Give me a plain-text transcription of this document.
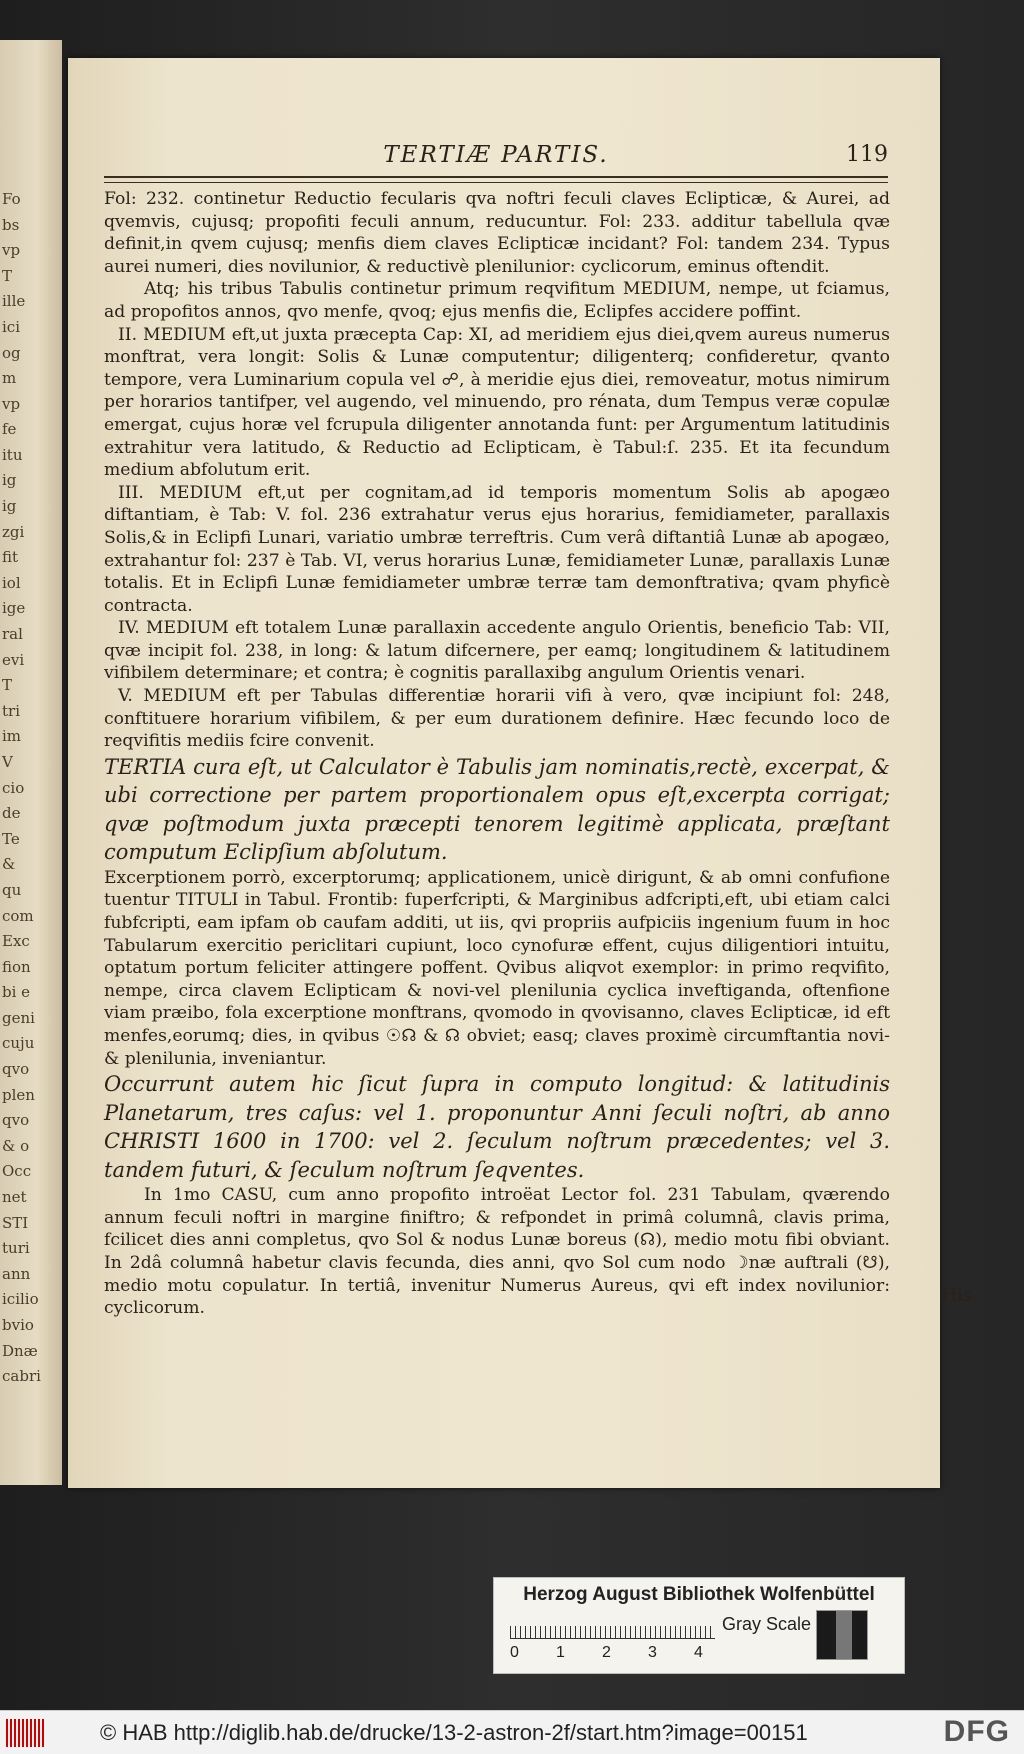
Fo
bs
vp
T
ille
ici
og
m
vp
fe
itu
ig
ig
zgi
fit
iol
ige
ral
evi
T
tri
im
V
cio
de
Te
&
qu
com
Exc
fion
bi e
geni
cuju
qvo
plen
qvo
& o
Occ
net
STI
turi
ann
icilio
bvio
Dnæ
cabri
TERTIÆ PARTIS.	119

Fol: 232. continetur Reductio fecularis qva noftri feculi claves Eclipticæ, & Aurei, ad qvemvis, cujusq; propofiti feculi annum, reducuntur. Fol: 233. additur tabellula qvæ definit,in qvem cujusq; menfis diem claves Eclipticæ incidant? Fol: tandem 234. Typus aurei numeri, dies novilunior, & reductivè plenilunior: cyclicorum, eminus oftendit.

Atq; his tribus Tabulis continetur primum reqvifitum MEDIUM, nempe, ut fciamus, ad propofitos annos, qvo menfe, qvoq; ejus menfis die, Eclipfes accidere poffint.

II. MEDIUM eft,ut juxta præcepta Cap: XI, ad meridiem ejus diei,qvem aureus numerus monftrat, vera longit: Solis & Lunæ computentur; diligenterq; confideretur, qvanto tempore, vera Luminarium copula vel ☍, à meridie ejus diei, removeatur, motus nimirum per horarios tantifper, vel augendo, vel minuendo, pro rénata, dum Tempus veræ copulæ emergat, cujus horæ vel fcrupula diligenter annotanda funt: per Argumentum latitudinis extrahitur vera latitudo, & Reductio ad Eclipticam, è Tabul:ſ. 235. Et ita fecundum medium abfolutum erit.

III. MEDIUM eft,ut per cognitam,ad id temporis momentum Solis ab apogæo diftantiam, è Tab: V. fol. 236 extrahatur verus ejus horarius, femidiameter, parallaxis Solis,& in Eclipfi Lunari, variatio umbræ terreftris. Cum verâ diftantiâ Lunæ ab apogæo, extrahantur fol: 237 è Tab. VI, verus horarius Lunæ, femidiameter Lunæ, parallaxis Lunæ totalis. Et in Eclipfi Lunæ femidiameter umbræ terræ tam demonftrativa; qvam phyficè contracta.

IV. MEDIUM eft totalem Lunæ parallaxin accedente angulo Orientis, beneficio Tab: VII, qvæ incipit fol. 238, in long: & latum difcernere, per eamq; longitudinem & latitudinem vifibilem determinare; et contra; è cognitis parallaxibg angulum Orientis venari.

V. MEDIUM eft per Tabulas differentiæ horarii vifi à vero, qvæ incipiunt fol: 248, conftituere horarium vifibilem, & per eum durationem definire. Hæc fecundo loco de reqvifitis mediis fcire convenit.

TERTIA cura eſt, ut Calculator è Tabulis jam nominatis,rectè, excerpat, & ubi correctione per partem proportionalem opus eſt,excerpta corrigat; qvæ poſtmodum juxta præcepti tenorem legitimè applicata, præſtant computum Eclipſium abſolutum.

Excerptionem porrò, excerptorumq; applicationem, unicè dirigunt, & ab omni confufione tuentur TITULI in Tabul. Frontib: fuperfcripti, & Marginibus adfcripti,eft, ubi etiam calci fubfcripti, eam ipfam ob caufam additi, ut iis, qvi propriis aufpiciis ingenium fuum in hoc Tabularum exercitio periclitari cupiunt, loco cynofuræ effent, cujus diligentiori intuitu, optatum portum feliciter attingere poffent. Qvibus aliqvot exemplor: in primo reqvifito, nempe, circa clavem Eclipticam & novi-vel plenilunia cyclica inveftiganda, oftenfione viam præibo, fola excerptione monftrans, qvomodo in qvovisanno, claves Eclipticæ, id eft menfes,eorumq; dies, in qvibus ☉☊ & ☊ obviet; easq; claves proximè circumftantia novi-& plenilunia, inveniantur.

Occurrunt autem hic ſicut ſupra in computo longitud: & latitudinis Planetarum, tres caſus: vel 1. proponuntur Anni ſeculi noſtri, ab anno CHRISTI 1600 in 1700: vel 2. ſeculum noſtrum præcedentes; vel 3. tandem futuri, & ſeculum noſtrum ſeqventes.

In 1mo CASU, cum anno propofito introëat Lector fol. 231 Tabulam, qværendo annum feculi noftri in margine finiftro; & refpondet in primâ columnâ, clavis prima, fcilicet dies anni completus, qvo Sol & nodus Lunæ boreus (☊), medio motu fibi obviant. In 2dâ columnâ habetur clavis fecunda, dies anni, qvo Sol cum nodo ☽næ auftrali (☋), medio motu copulatur. In tertiâ, invenitur Numerus Aureus, qvi eft index novilunior: cyclicorum.

His
Herzog August Bibliothek Wolfenbüttel
0 1 2 3 4
Gray Scale
© HAB http://diglib.hab.de/drucke/13-2-astron-2f/start.htm?image=00151	DFG
